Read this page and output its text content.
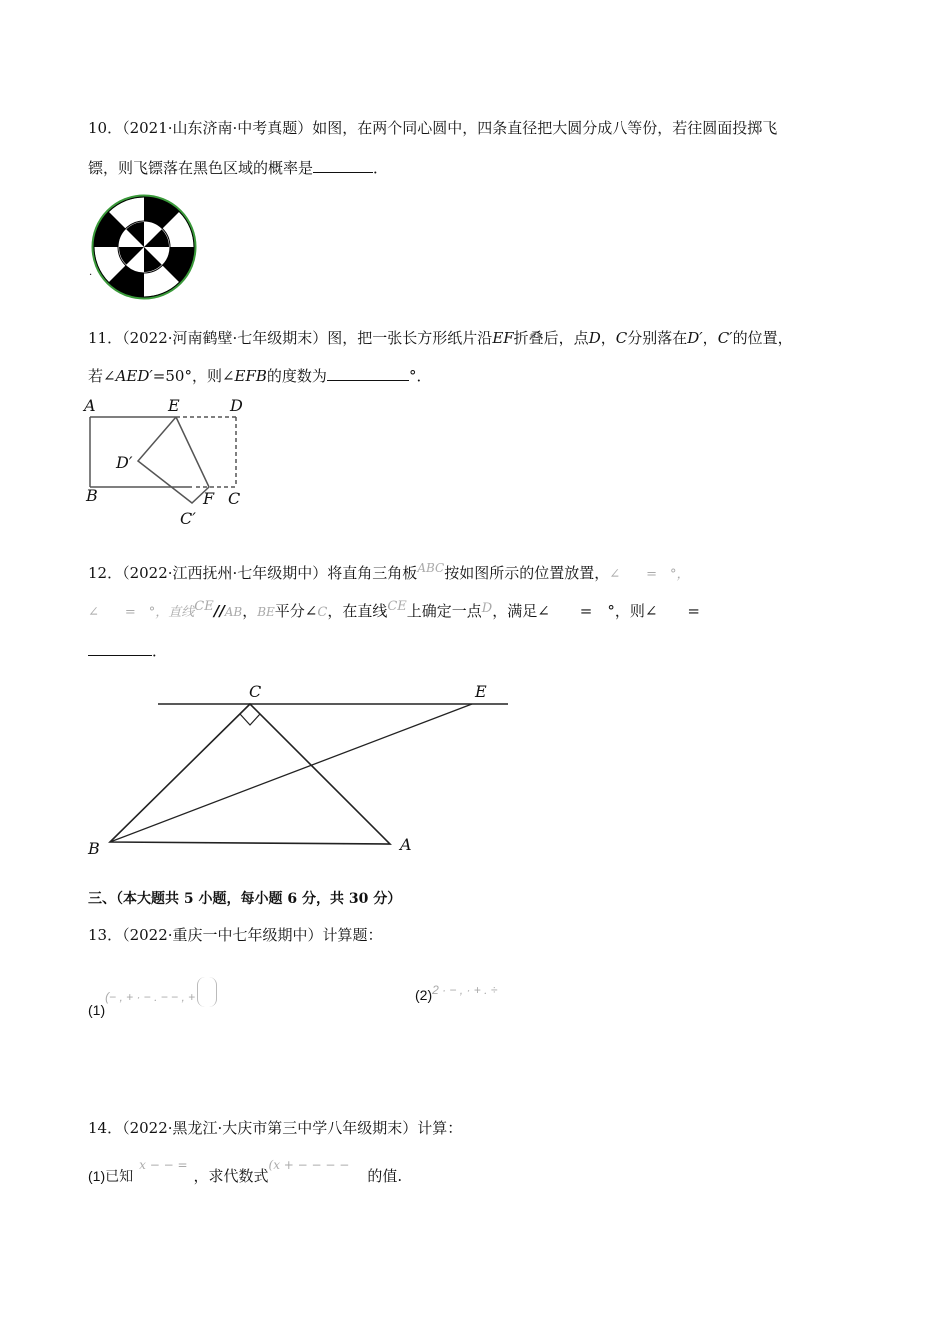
10．（2021·山东济南·中考真题）如图，在两个同心圆中，四条直径把大圆分成八等份，若往圆面投掷飞
镖，则飞镖落在黑色区域的概率是	．
.
11．（2022·河南鹤壁·七年级期末）图，把一张长方形纸片沿EF折叠后，点D，C分别落在D′，C′的位置，
若∠AED′=50°，则∠EFB的度数为	°．
A	E	D
D′
B	F C
C′
12．（2022·江西抚州·七年级期中）将直角三角板$^{ABC}$按如图所示的位置放置，∠　　=　°，
∠　　=　°，直线CE//AB，BE平分∠C，在直线CE上确定一点D，满足∠　　=　°，则∠　　=
．
C	E
B	A
三、（本大题共 5 小题，每小题 6 分，共 30 分）
13．（2022·重庆一中七年级期中）计算题：
(1)(− , + · − . − − , +	(2)2 · − , · + . ÷
14．（2022·黑龙江·大庆市第三中学八年级期末）计算：
(1)已知$^{x - - =}$，求代数式$^{(x + - - - -}$的值.
